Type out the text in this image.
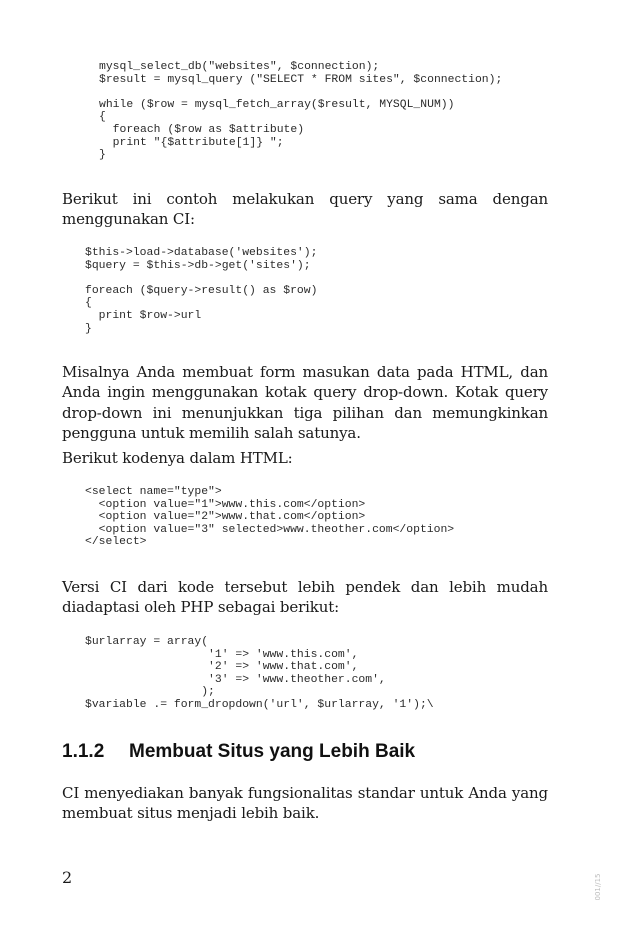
mysql_select_db("websites", $connection);
$result = mysql_query ("SELECT * FROM sites", $connection);

while ($row = mysql_fetch_array($result, MYSQL_NUM))
{
foreach ($row as $attribute)
print "{$attribute[1]} ";
}

Berikut ini contoh melakukan query yang sama dengan menggunakan CI:

$this->load->database('websites');
$query = $this->db->get('sites');

foreach ($query->result() as $row)
{
print $row->url
}

Misalnya Anda membuat form masukan data pada HTML, dan Anda ingin menggunakan kotak query drop-down. Kotak query drop-down ini menunjukkan tiga pilihan dan memungkinkan pengguna untuk memilih salah satunya.

Berikut kodenya dalam HTML:

<select name="type">
<option value="1">www.this.com</option>
<option value="2">www.that.com</option>
<option value="3" selected>www.theother.com</option>
</select>

Versi CI dari kode tersebut lebih pendek dan lebih mudah diadaptasi oleh PHP sebagai berikut:

$urlarray = array(
'1' => 'www.this.com',
'2' => 'www.that.com',
'3' => 'www.theother.com',
);
$variable .= form_dropdown('url', $urlarray, '1');\
1.1.2 Membuat Situs yang Lebih Baik

CI menyediakan banyak fungsionalitas standar untuk Anda yang membuat situs menjadi lebih baik.

2	001//15
